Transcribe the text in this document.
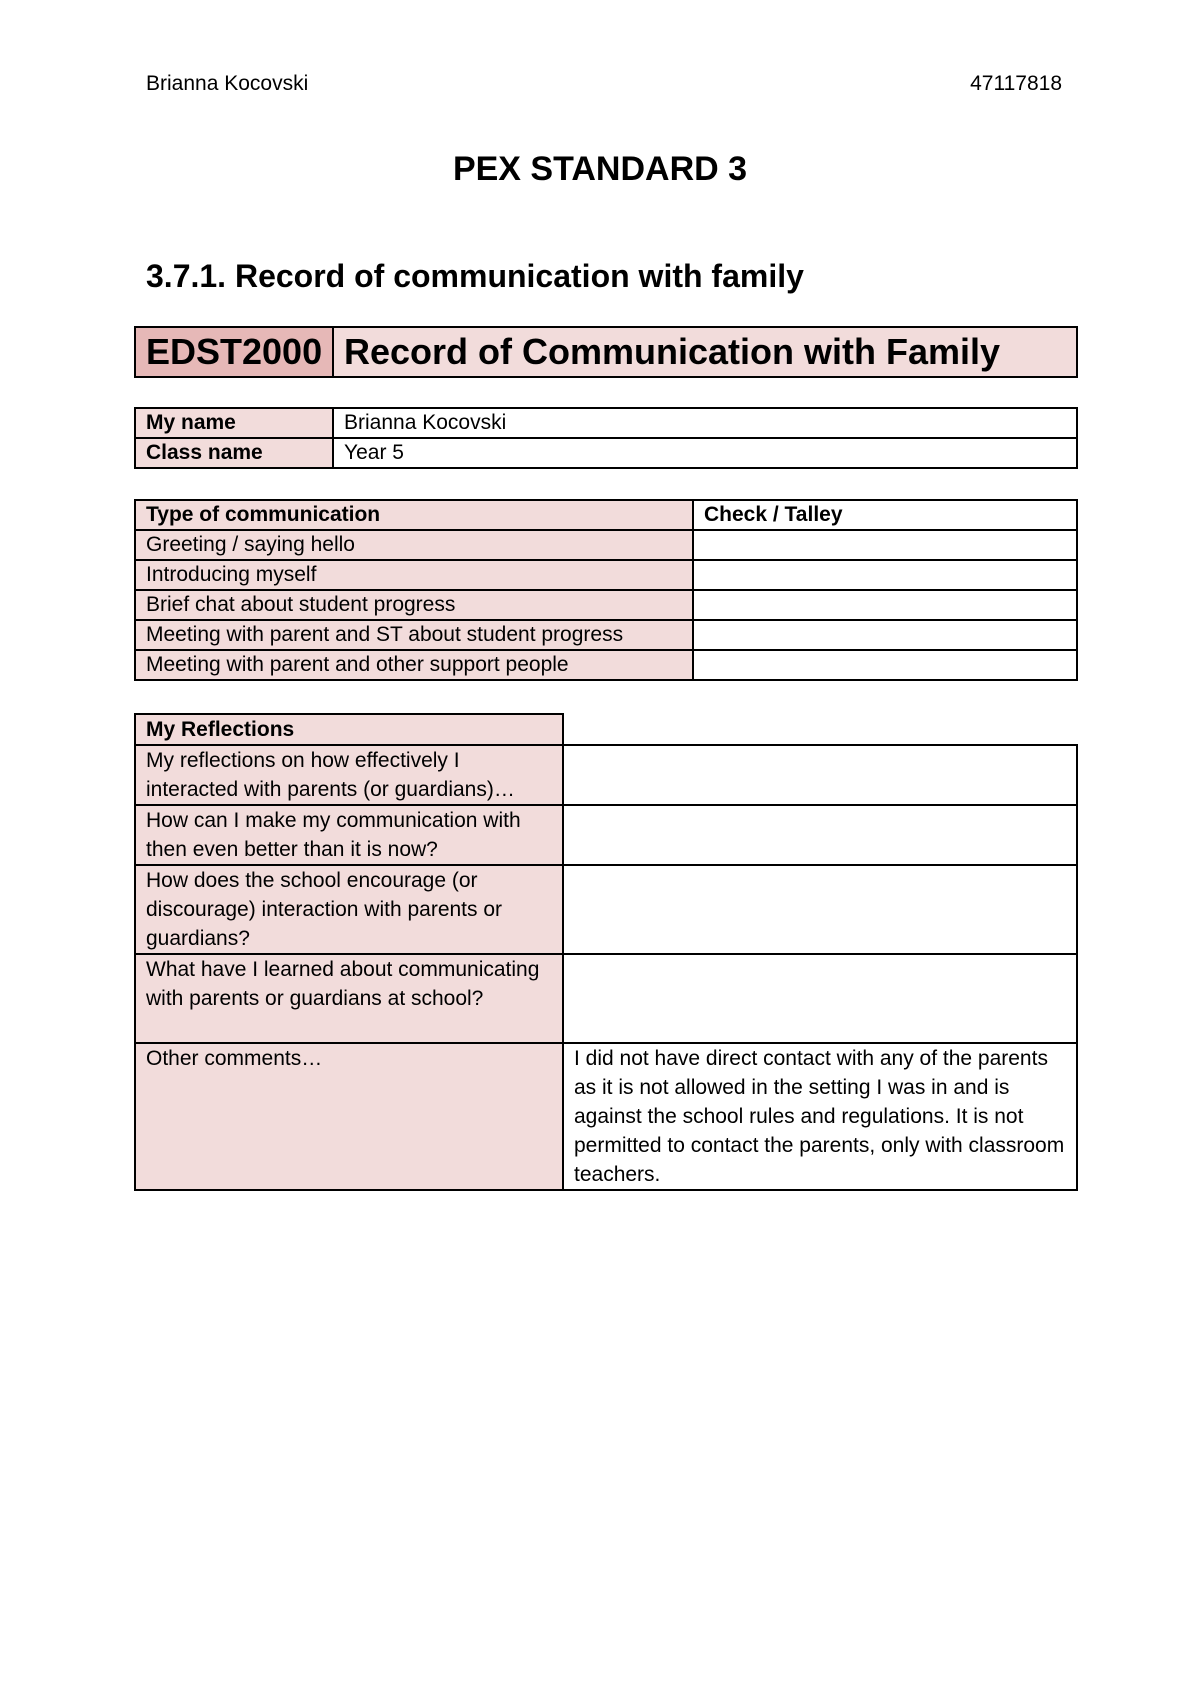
Brianna Kocovski	47117818
PEX STANDARD 3
3.7.1. Record of communication with family
EDST2000	Record of Communication with Family
My name	Brianna Kocovski
Class name	Year 5
Type of communication	Check / Talley
Greeting / saying hello	
Introducing myself	
Brief chat about student progress	
Meeting with parent and ST about student progress	
Meeting with parent and other support people	
My Reflections	
My reflections on how effectively I interacted with parents (or guardians)…	
How can I make my communication with then even better than it is now?	
How does the school encourage (or discourage) interaction with parents or guardians?	
What have I learned about communicating with parents or guardians at school?	
Other comments…	I did not have direct contact with any of the parents as it is not allowed in the setting I was in and is against the school rules and regulations. It is not permitted to contact the parents, only with classroom teachers.
